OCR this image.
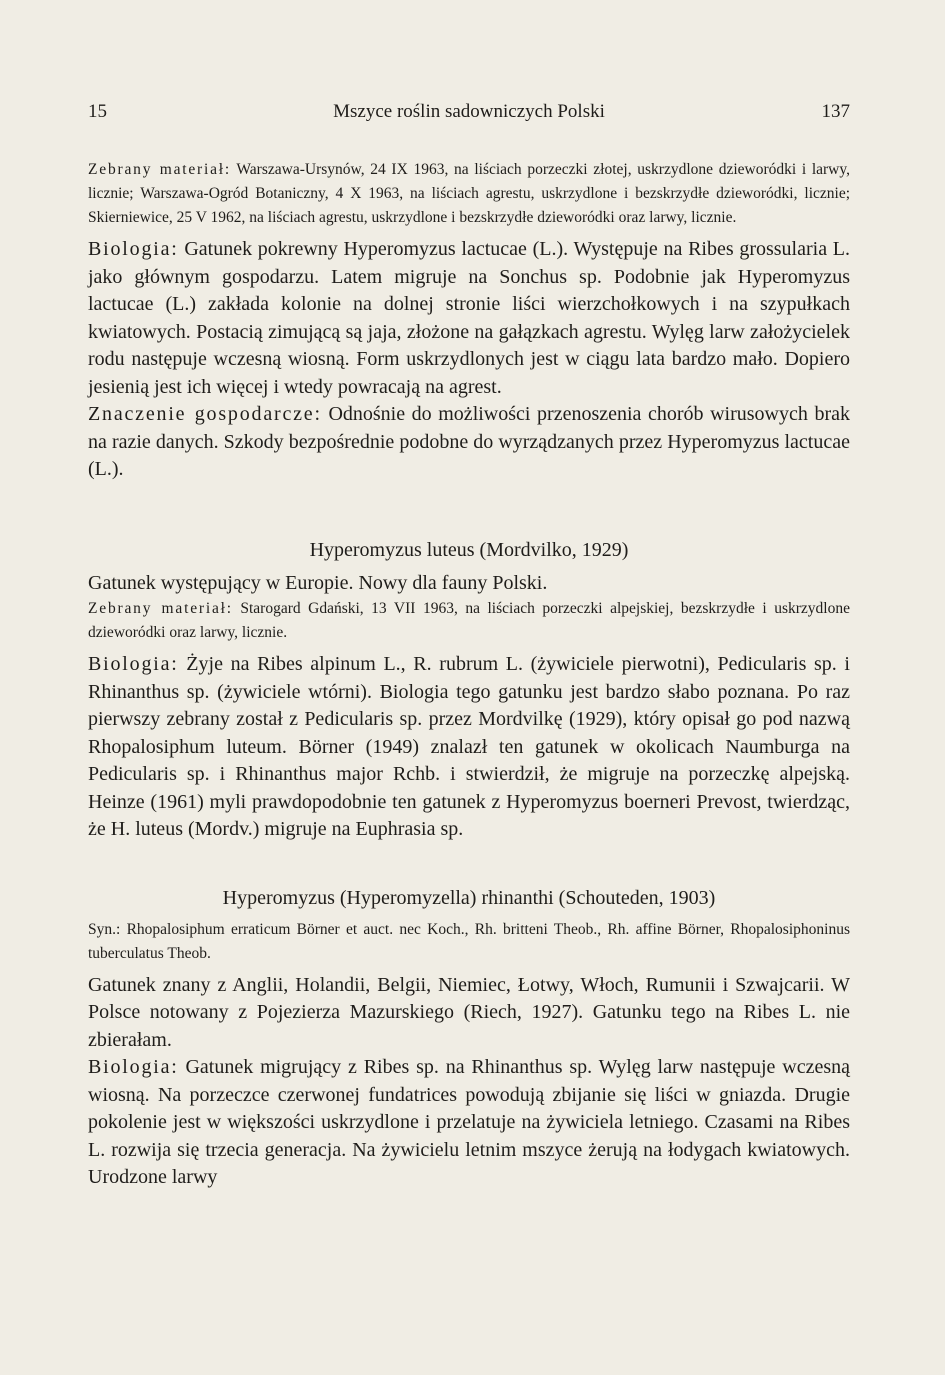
15	Mszyce roślin sadowniczych Polski	137

Zebrany materiał: Warszawa-Ursynów, 24 IX 1963, na liściach porzeczki złotej, uskrzydlone dzieworódki i larwy, licznie; Warszawa-Ogród Botaniczny, 4 X 1963, na liściach agrestu, uskrzydlone i bezskrzydłe dzieworódki, licznie; Skierniewice, 25 V 1962, na liściach agrestu, uskrzydlone i bezskrzydłe dzieworódki oraz larwy, licznie.

Biologia: Gatunek pokrewny Hyperomyzus lactucae (L.). Występuje na Ribes grossularia L. jako głównym gospodarzu. Latem migruje na Sonchus sp. Podobnie jak Hyperomyzus lactucae (L.) zakłada kolonie na dolnej stronie liści wierzchołkowych i na szypułkach kwiatowych. Postacią zimującą są jaja, złożone na gałązkach agrestu. Wylęg larw założycielek rodu następuje wczesną wiosną. Form uskrzydlonych jest w ciągu lata bardzo mało. Dopiero jesienią jest ich więcej i wtedy powracają na agrest.

Znaczenie gospodarcze: Odnośnie do możliwości przenoszenia chorób wirusowych brak na razie danych. Szkody bezpośrednie podobne do wyrządzanych przez Hyperomyzus lactucae (L.).

Hyperomyzus luteus (Mordvilko, 1929)

Gatunek występujący w Europie. Nowy dla fauny Polski.

Zebrany materiał: Starogard Gdański, 13 VII 1963, na liściach porzeczki alpejskiej, bezskrzydłe i uskrzydlone dzieworódki oraz larwy, licznie.

Biologia: Żyje na Ribes alpinum L., R. rubrum L. (żywiciele pierwotni), Pedicularis sp. i Rhinanthus sp. (żywiciele wtórni). Biologia tego gatunku jest bardzo słabo poznana. Po raz pierwszy zebrany został z Pedicularis sp. przez Mordvilkę (1929), który opisał go pod nazwą Rhopalosiphum luteum. Börner (1949) znalazł ten gatunek w okolicach Naumburga na Pedicularis sp. i Rhinanthus major Rchb. i stwierdził, że migruje na porzeczkę alpejską. Heinze (1961) myli prawdopodobnie ten gatunek z Hyperomyzus boerneri Prevost, twierdząc, że H. luteus (Mordv.) migruje na Euphrasia sp.

Hyperomyzus (Hyperomyzella) rhinanthi (Schouteden, 1903)

Syn.: Rhopalosiphum erraticum Börner et auct. nec Koch., Rh. britteni Theob., Rh. affine Börner, Rhopalosiphoninus tuberculatus Theob.

Gatunek znany z Anglii, Holandii, Belgii, Niemiec, Łotwy, Włoch, Rumunii i Szwajcarii. W Polsce notowany z Pojezierza Mazurskiego (Riech, 1927). Gatunku tego na Ribes L. nie zbierałam.

Biologia: Gatunek migrujący z Ribes sp. na Rhinanthus sp. Wylęg larw następuje wczesną wiosną. Na porzeczce czerwonej fundatrices powodują zbijanie się liści w gniazda. Drugie pokolenie jest w większości uskrzydlone i przelatuje na żywiciela letniego. Czasami na Ribes L. rozwija się trzecia generacja. Na żywicielu letnim mszyce żerują na łodygach kwiatowych. Urodzone larwy
